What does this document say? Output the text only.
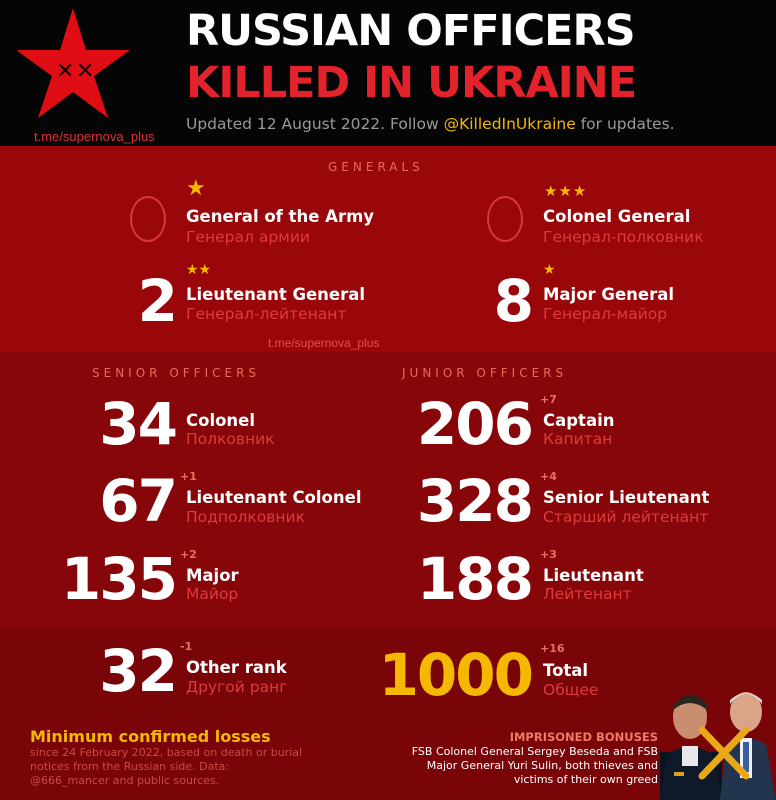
✕ ✕
t.me/supernova_plus
RUSSIAN OFFICERS
KILLED IN UKRAINE
Updated 12 August 2022. Follow @KilledInUkraine for updates.
GENERALS
★
General of the Army
Генерал армии
★★★
Colonel General
Генерал-полковник
2 ★★
Lieutenant General
Генерал-лейтенант	8 ★
Major General
Генерал-майор
t.me/supernova_plus
SENIOR OFFICERS	JUNIOR OFFICERS
34 Colonel
Полковник
67 +1
Lieutenant Colonel
Подполковник
135 +2
Major
Майор
206 +7
Captain
Капитан
328 +4
Senior Lieutenant
Старший лейтенант
188 +3
Lieutenant
Лейтенант
32 -1
Other rank
Другой ранг	1000 +16
Total
Общее
Minimum confirmed losses
since 24 February 2022, based on death or burial notices from the Russian side. Data: @666_mancer and public sources.
IMPRISONED BONUSES
FSB Colonel General Sergey Beseda and FSB Major General Yuri Sulin, both thieves and victims of their own greed
